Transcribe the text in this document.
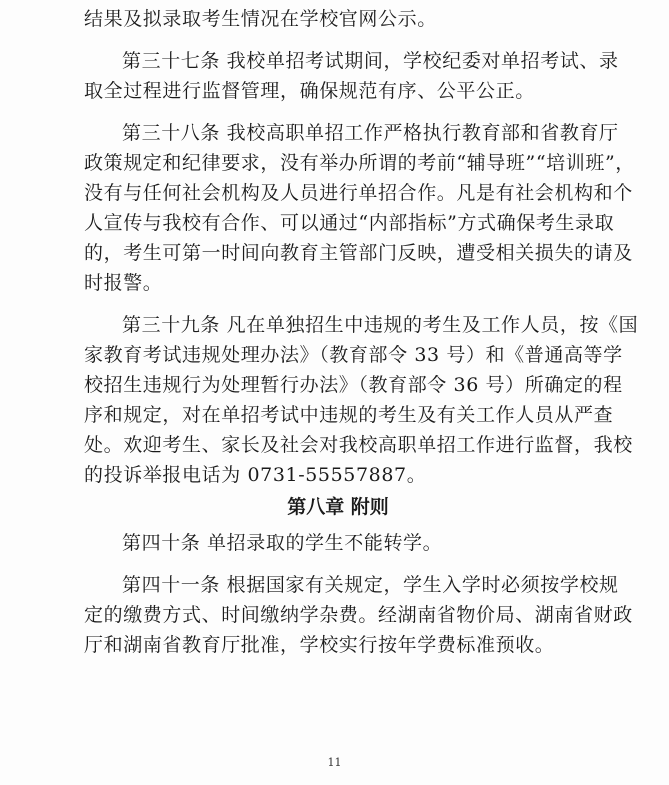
结果及拟录取考生情况在学校官网公示。
第三十七条 我校单招考试期间，学校纪委对单招考试、录
取全过程进行监督管理，确保规范有序、公平公正。
第三十八条 我校高职单招工作严格执行教育部和省教育厅
政策规定和纪律要求，没有举办所谓的考前“辅导班”“培训班”，
没有与任何社会机构及人员进行单招合作。凡是有社会机构和个
人宣传与我校有合作、可以通过“内部指标”方式确保考生录取
的，考生可第一时间向教育主管部门反映，遭受相关损失的请及
时报警。
第三十九条 凡在单独招生中违规的考生及工作人员，按《国
家教育考试违规处理办法》（教育部令 33 号）和《普通高等学
校招生违规行为处理暂行办法》（教育部令 36 号）所确定的程
序和规定，对在单招考试中违规的考生及有关工作人员从严查
处。欢迎考生、家长及社会对我校高职单招工作进行监督，我校
的投诉举报电话为 0731-55557887。
第八章 附则
第四十条 单招录取的学生不能转学。
第四十一条 根据国家有关规定，学生入学时必须按学校规
定的缴费方式、时间缴纳学杂费。经湖南省物价局、湖南省财政
厅和湖南省教育厅批准，学校实行按年学费标准预收。
11
